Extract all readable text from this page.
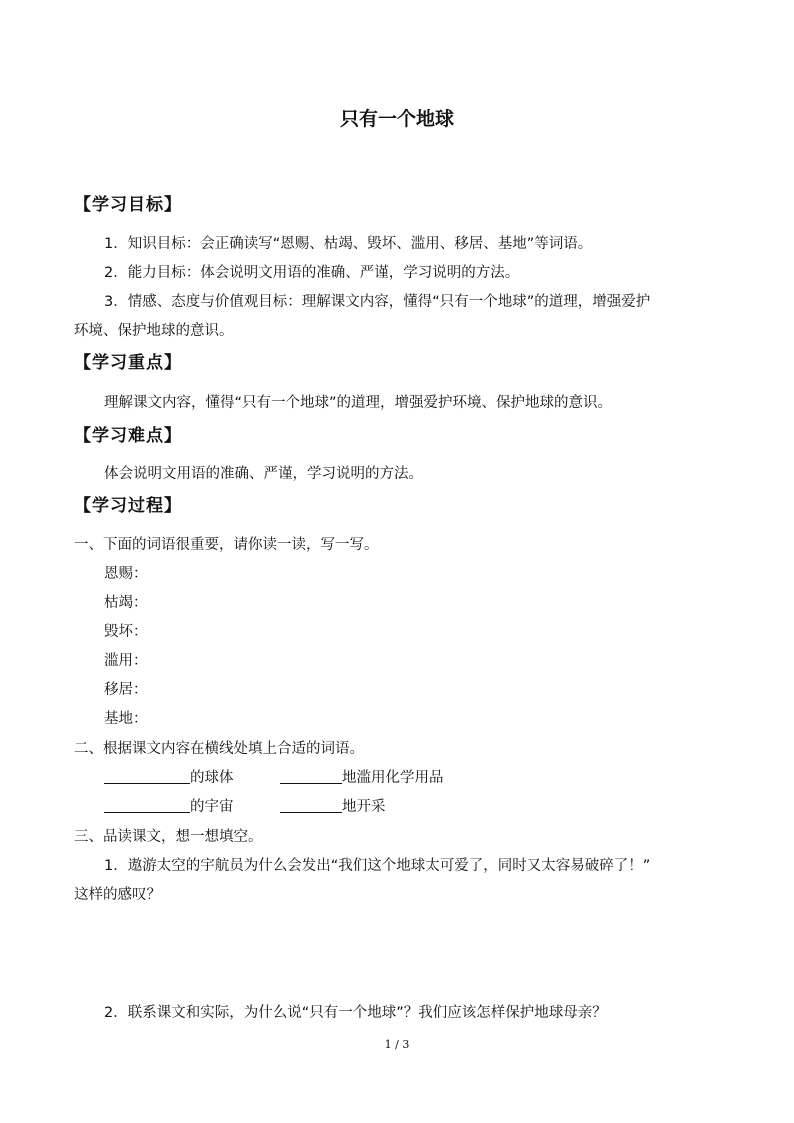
只有一个地球
【学习目标】
1．知识目标：会正确读写“恩赐、枯竭、毁坏、滥用、移居、基地”等词语。
2．能力目标：体会说明文用语的准确、严谨，学习说明的方法。
3．情感、态度与价值观目标：理解课文内容，懂得“只有一个地球”的道理，增强爱护
环境、保护地球的意识。
【学习重点】
理解课文内容，懂得“只有一个地球”的道理，增强爱护环境、保护地球的意识。
【学习难点】
体会说明文用语的准确、严谨，学习说明的方法。
【学习过程】
一、下面的词语很重要，请你读一读，写一写。
恩赐：
枯竭：
毁坏：
滥用：
移居：
基地：
二、根据课文内容在横线处填上合适的词语。
的球体	地滥用化学用品
的宇宙	地开采
三、品读课文，想一想填空。
1．遨游太空的宇航员为什么会发出“我们这个地球太可爱了，同时又太容易破碎了！”
这样的感叹？
2．联系课文和实际，为什么说“只有一个地球”？我们应该怎样保护地球母亲？
1 / 3
